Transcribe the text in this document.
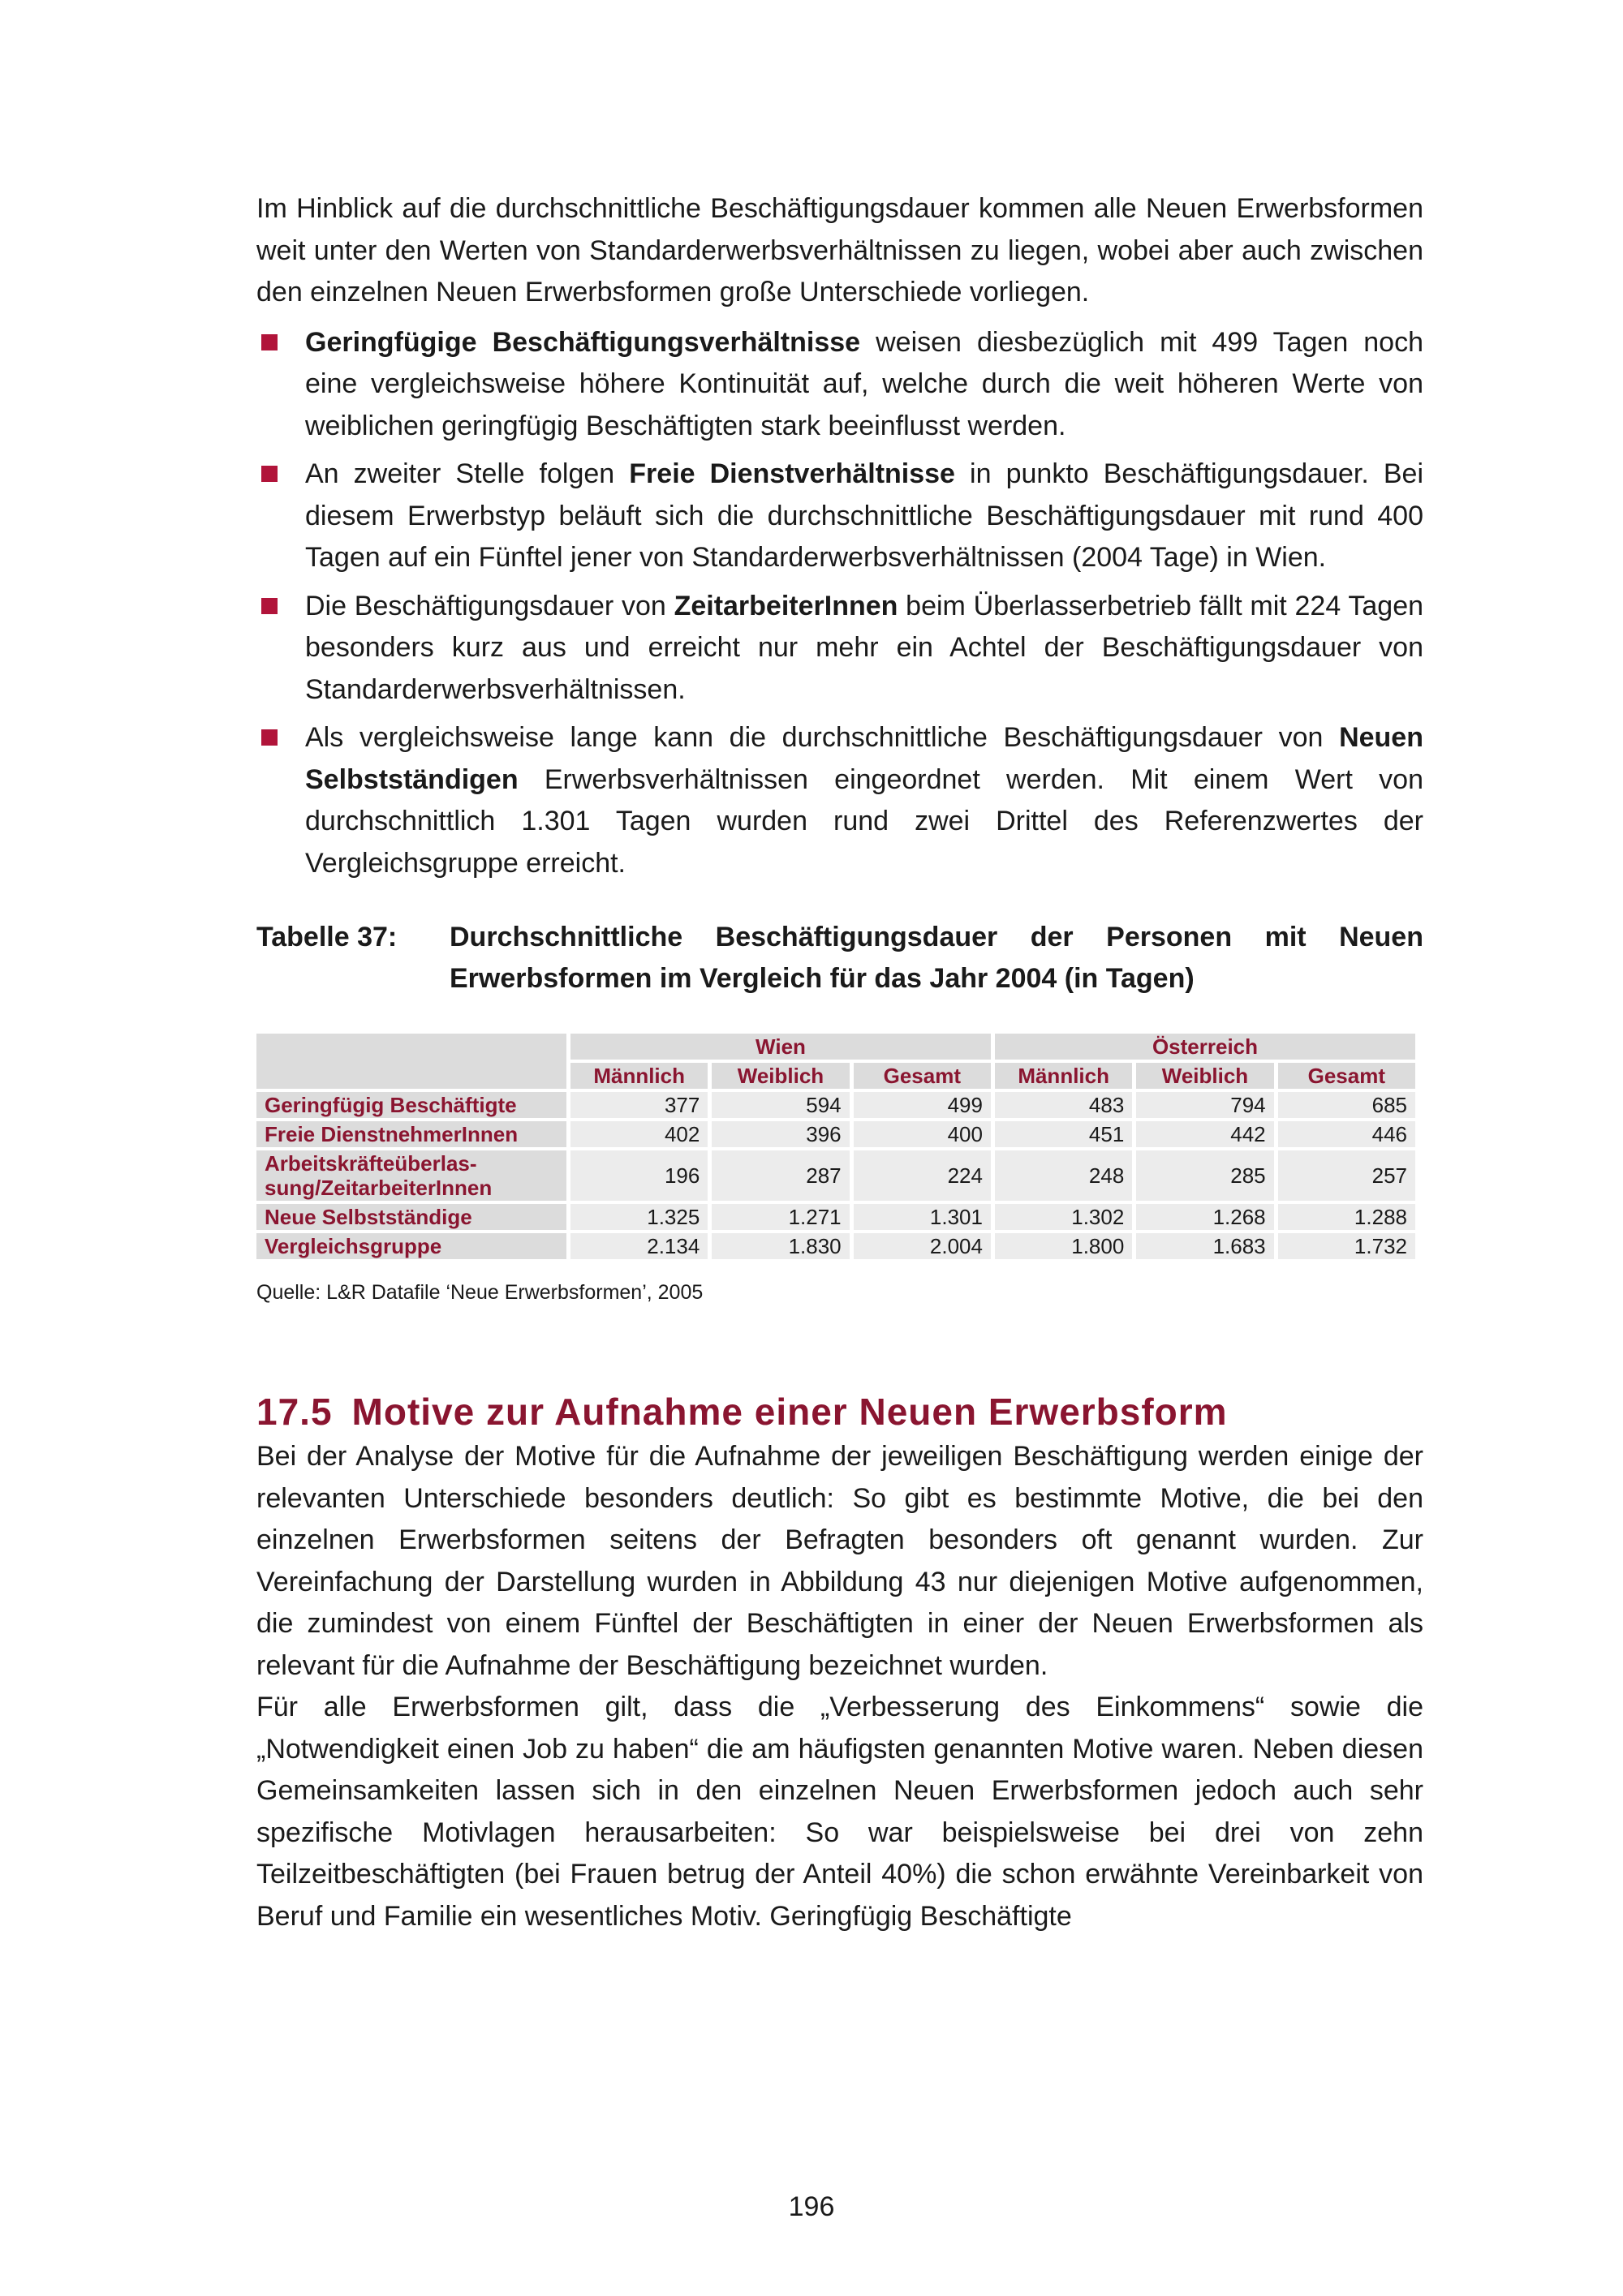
Im Hinblick auf die durchschnittliche Beschäftigungsdauer kommen alle Neuen Erwerbsformen weit unter den Werten von Standarderwerbsverhältnissen zu liegen, wobei aber auch zwischen den einzelnen Neuen Erwerbsformen große Unterschiede vorliegen.

Geringfügige Beschäftigungsverhältnisse weisen diesbezüglich mit 499 Tagen noch eine vergleichsweise höhere Kontinuität auf, welche durch die weit höheren Werte von weiblichen geringfügig Beschäftigten stark beeinflusst werden.
An zweiter Stelle folgen Freie Dienstverhältnisse in punkto Beschäftigungsdauer. Bei diesem Erwerbstyp beläuft sich die durchschnittliche Beschäftigungsdauer mit rund 400 Tagen auf ein Fünftel jener von Standarderwerbsverhältnissen (2004 Tage) in Wien.
Die Beschäftigungsdauer von ZeitarbeiterInnen beim Überlasserbetrieb fällt mit 224 Tagen besonders kurz aus und erreicht nur mehr ein Achtel der Beschäftigungsdauer von Standarderwerbsverhältnissen.
Als vergleichsweise lange kann die durchschnittliche Beschäftigungsdauer von Neuen Selbstständigen Erwerbsverhältnissen eingeordnet werden. Mit einem Wert von durchschnittlich 1.301 Tagen wurden rund zwei Drittel des Referenzwertes der Vergleichsgruppe erreicht.
Tabelle 37:	Durchschnittliche Beschäftigungsdauer der Personen mit Neuen Erwerbsformen im Vergleich für das Jahr 2004 (in Tagen)
	Wien			Österreich		
	Männlich	Weiblich	Gesamt	Männlich	Weiblich	Gesamt
Geringfügig Beschäftigte	377	594	499	483	794	685
Freie DienstnehmerInnen	402	396	400	451	442	446
Arbeitskräfteüberlas-sung/ZeitarbeiterInnen	196	287	224	248	285	257
Neue Selbstständige	1.325	1.271	1.301	1.302	1.268	1.288
Vergleichsgruppe	2.134	1.830	2.004	1.800	1.683	1.732
Quelle: L&R Datafile ‘Neue Erwerbsformen’, 2005
17.5 Motive zur Aufnahme einer Neuen Erwerbsform

Bei der Analyse der Motive für die Aufnahme der jeweiligen Beschäftigung werden einige der relevanten Unterschiede besonders deutlich: So gibt es bestimmte Motive, die bei den einzelnen Erwerbsformen seitens der Befragten besonders oft genannt wurden. Zur Vereinfachung der Darstellung wurden in Abbildung 43 nur diejenigen Motive aufgenommen, die zumindest von einem Fünftel der Beschäftigten in einer der Neuen Erwerbsformen als relevant für die Aufnahme der Beschäftigung bezeichnet wurden.

Für alle Erwerbsformen gilt, dass die „Verbesserung des Einkommens“ sowie die „Notwendigkeit einen Job zu haben“ die am häufigsten genannten Motive waren. Neben diesen Gemeinsamkeiten lassen sich in den einzelnen Neuen Erwerbsformen jedoch auch sehr spezifische Motivlagen herausarbeiten: So war beispielsweise bei drei von zehn Teilzeitbeschäftigten (bei Frauen betrug der Anteil 40%) die schon erwähnte Vereinbarkeit von Beruf und Familie ein wesentliches Motiv. Geringfügig Beschäftigte

196
